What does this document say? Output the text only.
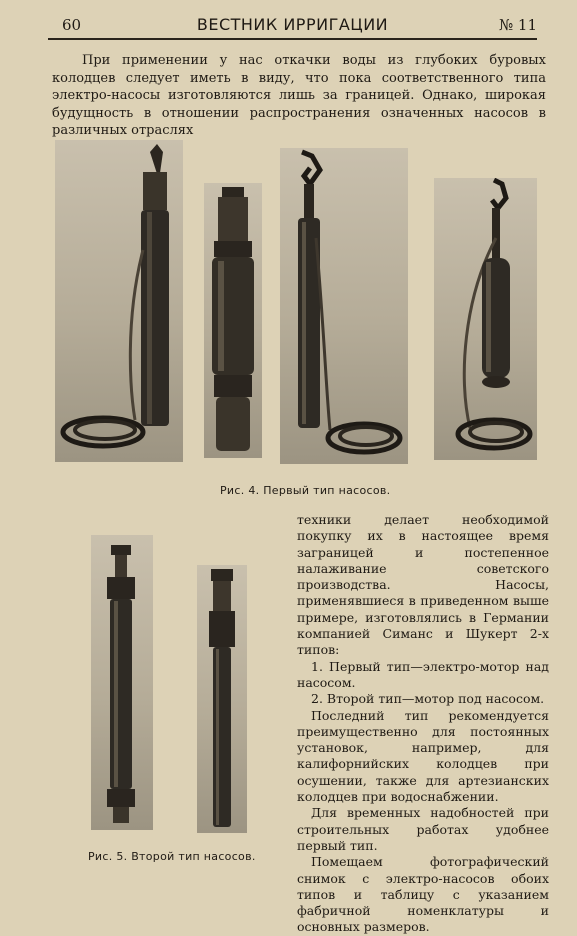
60	ВЕСТНИК ИРРИГАЦИИ	№ 11

При применении у нас откачки воды из глубоких буровых колодцев следует иметь в виду, что пока соответственного типа электро-насосы изготовляются лишь за границей. Однако, широкая будущность в отношении распространения означенных насосов в различных отраслях

Рис. 4. Первый тип насосов.
Рис. 5. Второй тип насосов.

техники делает необходимой покупку их в настоящее время заграницей и постепенное налаживание советского производства. Насосы, применявшиеся в приведенном выше примере, изготовлялись в Германии компанией Симанс и Шукерт 2-х типов:

1. Первый тип—электро-мотор над насосом.

2. Второй тип—мотор под насосом.

Последний тип рекомендуется преимущественно для постоянных установок, например, для калифорнийских колодцев при осушении, также для артезианских колодцев при водоснабжении.

Для временных надобностей при строительных работах удобнее первый тип.

Помещаем фотографический снимок с электро-насосов обоих типов и таблицу с указанием фабричной номенклатуры и основных размеров.
